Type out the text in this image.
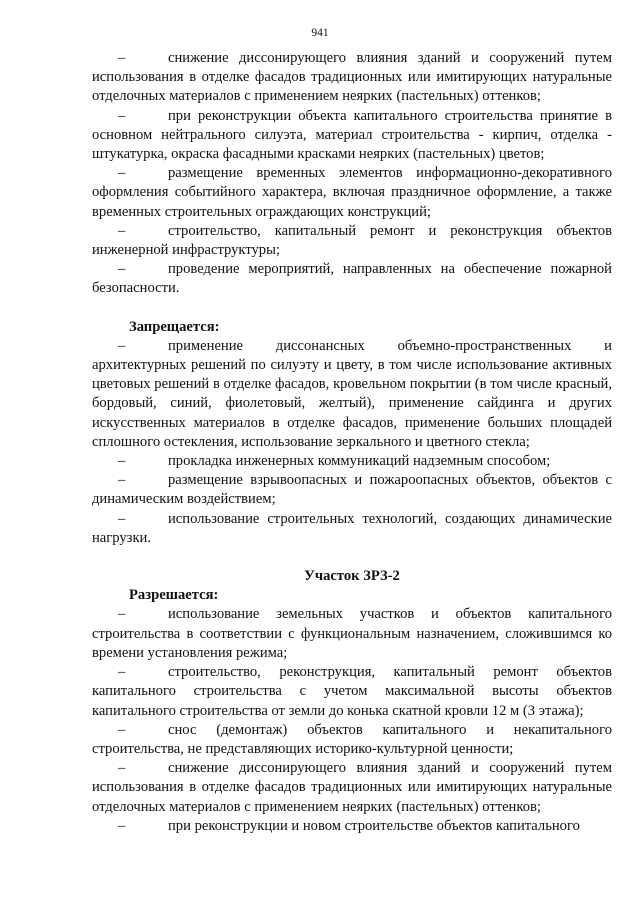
941

–	снижение диссонирующего влияния зданий и сооружений путем использования в отделке фасадов традиционных или имитирующих натуральные отделочных материалов с применением неярких (пастельных) оттенков;

–	при реконструкции объекта капитального строительства принятие в основном нейтрального силуэта, материал строительства - кирпич, отделка - штукатурка, окраска фасадными красками неярких (пастельных) цветов;

–	размещение временных элементов информационно-декоративного оформления событийного характера, включая праздничное оформление, а также временных строительных ограждающих конструкций;

–	строительство, капитальный ремонт и реконструкция объектов инженерной инфраструктуры;

–	проведение мероприятий, направленных на обеспечение пожарной безопасности.

Запрещается:

–	применение диссонансных объемно-пространственных и архитектурных решений по силуэту и цвету, в том числе использование активных цветовых решений в отделке фасадов, кровельном покрытии (в том числе красный, бордовый, синий, фиолетовый, желтый), применение сайдинга и других искусственных материалов в отделке фасадов, применение больших площадей сплошного остекления, использование зеркального и цветного стекла;

–	прокладка инженерных коммуникаций надземным способом;

–	размещение взрывоопасных и пожароопасных объектов, объектов с динамическим воздействием;

–	использование строительных технологий, создающих динамические нагрузки.

Участок ЗРЗ-2

Разрешается:

–	использование земельных участков и объектов капитального строительства в соответствии с функциональным назначением, сложившимся ко времени установления режима;

–	строительство, реконструкция, капитальный ремонт объектов капитального строительства с учетом максимальной высоты объектов капитального строительства от земли до конька скатной кровли 12 м (3 этажа);

–	снос (демонтаж) объектов капитального и некапитального строительства, не представляющих историко-культурной ценности;

–	снижение диссонирующего влияния зданий и сооружений путем использования в отделке фасадов традиционных или имитирующих натуральные отделочных материалов с применением неярких (пастельных) оттенков;

–	при реконструкции и новом строительстве объектов капитального
